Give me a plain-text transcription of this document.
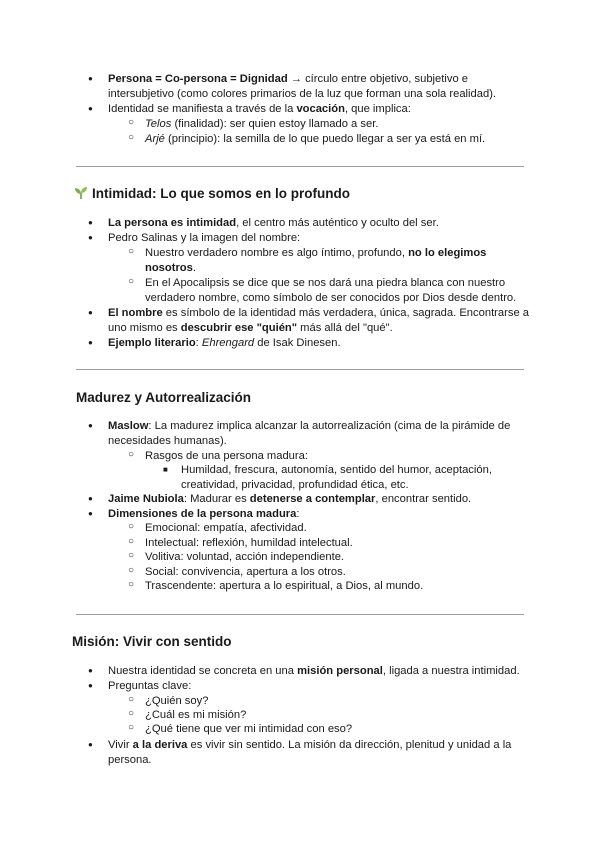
● Persona = Co-persona = Dignidad → círculo entre objetivo, subjetivo e
intersubjetivo (como colores primarios de la luz que forman una sola realidad).
● Identidad se manifiesta a través de la vocación, que implica:
○ Telos (finalidad): ser quien estoy llamado a ser.
○ Arjé (principio): la semilla de lo que puedo llegar a ser ya está en mí.
Intimidad: Lo que somos en lo profundo
● La persona es intimidad, el centro más auténtico y oculto del ser.
● Pedro Salinas y la imagen del nombre:
○ Nuestro verdadero nombre es algo íntimo, profundo, no lo elegimos
nosotros.
○ En el Apocalipsis se dice que se nos dará una piedra blanca con nuestro
verdadero nombre, como símbolo de ser conocidos por Dios desde dentro.
● El nombre es símbolo de la identidad más verdadera, única, sagrada. Encontrarse a
uno mismo es descubrir ese "quién" más allá del "qué".
● Ejemplo literario: Ehrengard de Isak Dinesen.
Madurez y Autorrealización
● Maslow: La madurez implica alcanzar la autorrealización (cima de la pirámide de
necesidades humanas).
○ Rasgos de una persona madura:
■ Humildad, frescura, autonomía, sentido del humor, aceptación,
creatividad, privacidad, profundidad ética, etc.
● Jaime Nubiola: Madurar es detenerse a contemplar, encontrar sentido.
● Dimensiones de la persona madura:
○ Emocional: empatía, afectividad.
○ Intelectual: reflexión, humildad intelectual.
○ Volitiva: voluntad, acción independiente.
○ Social: convivencia, apertura a los otros.
○ Trascendente: apertura a lo espiritual, a Dios, al mundo.
Misión: Vivir con sentido
● Nuestra identidad se concreta en una misión personal, ligada a nuestra intimidad.
● Preguntas clave:
○ ¿Quién soy?
○ ¿Cuál es mi misión?
○ ¿Qué tiene que ver mi intimidad con eso?
● Vivir a la deriva es vivir sin sentido. La misión da dirección, plenitud y unidad a la
persona.
